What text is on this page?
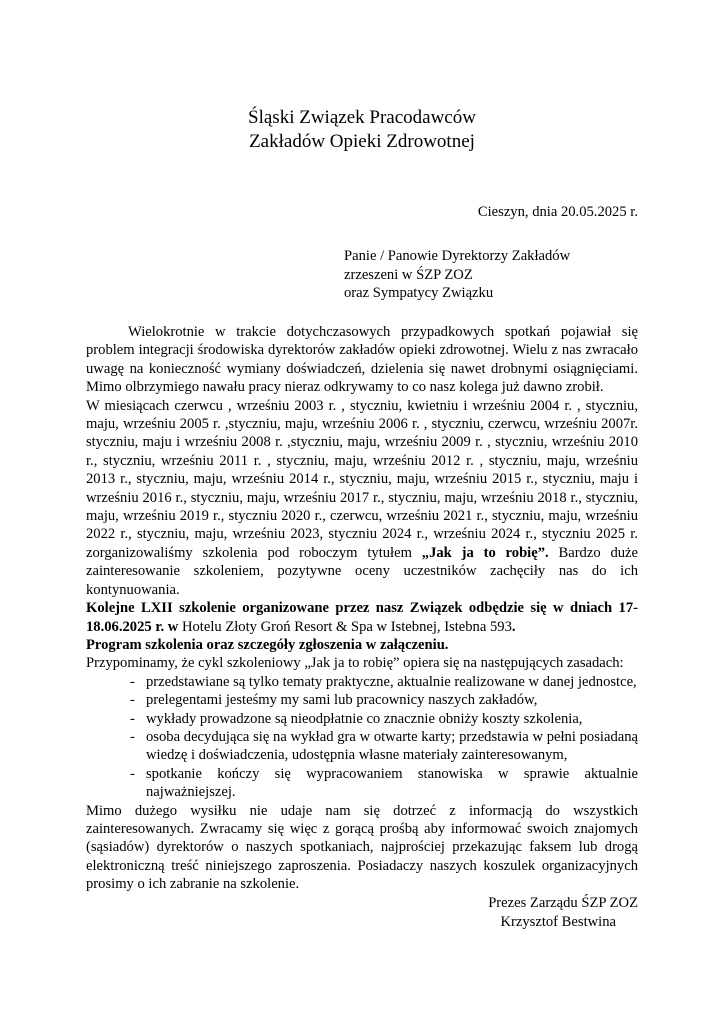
Śląski Związek Pracodawców
Zakładów Opieki Zdrowotnej
Cieszyn, dnia 20.05.2025 r.
Panie / Panowie Dyrektorzy Zakładów
zrzeszeni w ŚZP ZOZ
oraz Sympatycy Związku

Wielokrotnie w trakcie dotychczasowych przypadkowych spotkań pojawiał się problem integracji środowiska dyrektorów zakładów opieki zdrowotnej. Wielu z nas zwracało uwagę na konieczność wymiany doświadczeń, dzielenia się nawet drobnymi osiągnięciami. Mimo olbrzymiego nawału pracy nieraz odkrywamy to co nasz kolega już dawno zrobił.

W miesiącach czerwcu , wrześniu 2003 r. , styczniu, kwietniu i wrześniu 2004 r. , styczniu, maju, wrześniu 2005 r. ,styczniu, maju, wrześniu 2006 r. , styczniu, czerwcu, wrześniu 2007r. styczniu, maju i wrześniu 2008 r. ,styczniu, maju, wrześniu 2009 r. , styczniu, wrześniu 2010 r., styczniu, wrześniu 2011 r. , styczniu, maju, wrześniu 2012 r. , styczniu, maju, wrześniu 2013 r., styczniu, maju, wrześniu 2014 r., styczniu, maju, wrześniu 2015 r., styczniu, maju i wrześniu 2016 r., styczniu, maju, wrześniu 2017 r., styczniu, maju, wrześniu 2018 r., styczniu, maju, wrześniu 2019 r., styczniu 2020 r., czerwcu, wrześniu 2021 r., styczniu, maju, wrześniu 2022 r., styczniu, maju, wrześniu 2023, styczniu 2024 r., wrześniu 2024 r., styczniu 2025 r. zorganizowaliśmy szkolenia pod roboczym tytułem „Jak ja to robię”. Bardzo duże zainteresowanie szkoleniem, pozytywne oceny uczestników zachęciły nas do ich kontynuowania.

Kolejne LXII szkolenie organizowane przez nasz Związek odbędzie się w dniach 17-18.06.2025 r. w Hotelu Złoty Groń Resort & Spa w Istebnej, Istebna 593.

Program szkolenia oraz szczegóły zgłoszenia w załączeniu.

Przypominamy, że cykl szkoleniowy „Jak ja to robię” opiera się na następujących zasadach:

- przedstawiane są tylko tematy praktyczne, aktualnie realizowane w danej jednostce,
- prelegentami jesteśmy my sami lub pracownicy naszych zakładów,
- wykłady prowadzone są nieodpłatnie co znacznie obniży koszty szkolenia,
- osoba decydująca się na wykład gra w otwarte karty; przedstawia w pełni posiadaną wiedzę i doświadczenia, udostępnia własne materiały zainteresowanym,
- spotkanie kończy się wypracowaniem stanowiska w sprawie aktualnie najważniejszej.

Mimo dużego wysiłku nie udaje nam się dotrzeć z informacją do wszystkich zainteresowanych. Zwracamy się więc z gorącą prośbą aby informować swoich znajomych (sąsiadów) dyrektorów o naszych spotkaniach, najprościej przekazując faksem lub drogą elektroniczną treść niniejszego zaproszenia. Posiadaczy naszych koszulek organizacyjnych prosimy o ich zabranie na szkolenie.

Prezes Zarządu ŚZP ZOZ
Krzysztof Bestwina
